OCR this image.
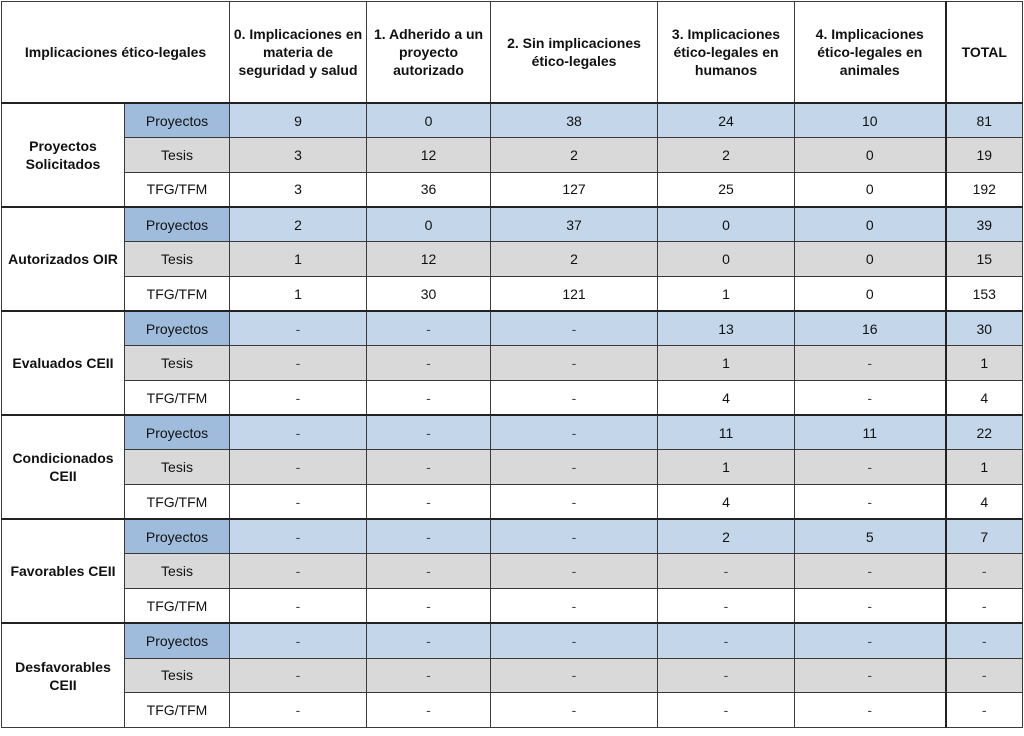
Implicaciones ético-legales		0. Implicaciones en materia de seguridad y salud	1. Adherido a un proyecto autorizado	2. Sin implicaciones ético-legales	3. Implicaciones ético-legales en humanos	4. Implicaciones ético-legales en animales	TOTAL
Proyectos Solicitados	Proyectos	9	0	38	24	10	81
	Tesis	3	12	2	2	0	19
	TFG/TFM	3	36	127	25	0	192
Autorizados OIR	Proyectos	2	0	37	0	0	39
	Tesis	1	12	2	0	0	15
	TFG/TFM	1	30	121	1	0	153
Evaluados CEII	Proyectos	-	-	-	13	16	30
	Tesis	-	-	-	1	-	1
	TFG/TFM	-	-	-	4	-	4
Condicionados CEII	Proyectos	-	-	-	11	11	22
	Tesis	-	-	-	1	-	1
	TFG/TFM	-	-	-	4	-	4
Favorables CEII	Proyectos	-	-	-	2	5	7
	Tesis	-	-	-	-	-	-
	TFG/TFM	-	-	-	-	-	-
Desfavorables CEII	Proyectos	-	-	-	-	-	-
	Tesis	-	-	-	-	-	-
	TFG/TFM	-	-	-	-	-	-
